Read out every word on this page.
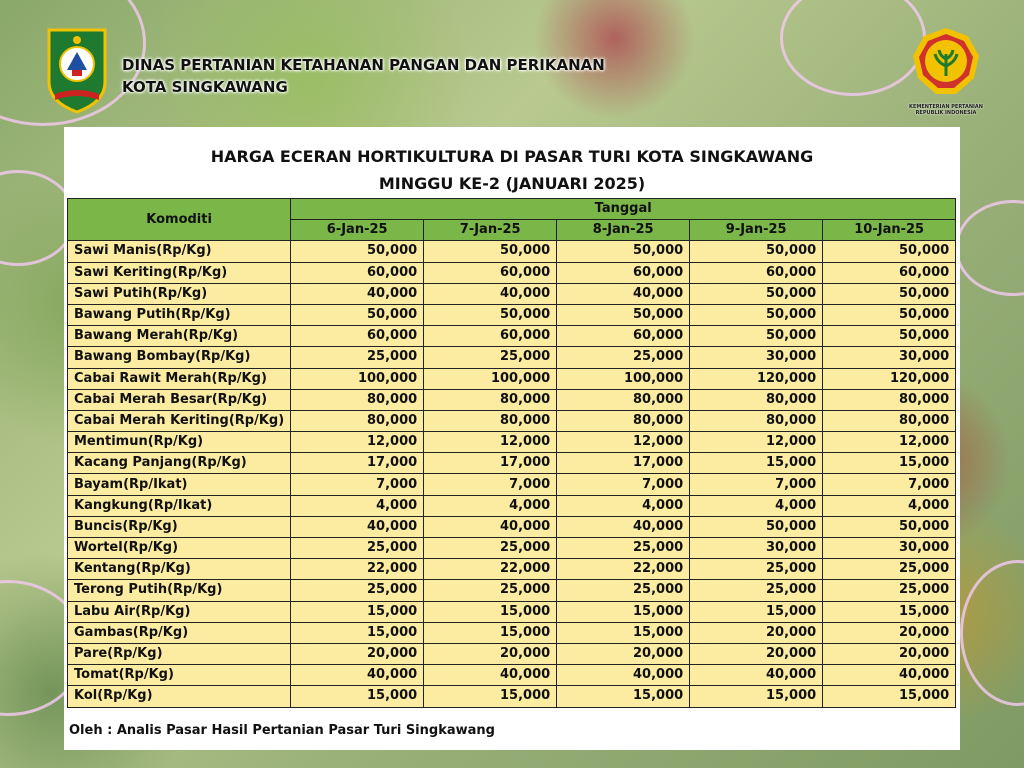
DINAS PERTANIAN KETAHANAN PANGAN DAN PERIKANAN
KOTA SINGKAWANG
KEMENTERIAN PERTANIAN
REPUBLIK INDONESIA
HARGA ECERAN HORTIKULTURA DI PASAR TURI KOTA SINGKAWANG
MINGGU KE-2 (JANUARI 2025)
Komoditi	Tanggal				
	6-Jan-25	7-Jan-25	8-Jan-25	9-Jan-25	10-Jan-25
Sawi Manis(Rp/Kg)	50,000	50,000	50,000	50,000	50,000
Sawi Keriting(Rp/Kg)	60,000	60,000	60,000	60,000	60,000
Sawi Putih(Rp/Kg)	40,000	40,000	40,000	50,000	50,000
Bawang Putih(Rp/Kg)	50,000	50,000	50,000	50,000	50,000
Bawang Merah(Rp/Kg)	60,000	60,000	60,000	50,000	50,000
Bawang Bombay(Rp/Kg)	25,000	25,000	25,000	30,000	30,000
Cabai Rawit Merah(Rp/Kg)	100,000	100,000	100,000	120,000	120,000
Cabai Merah Besar(Rp/Kg)	80,000	80,000	80,000	80,000	80,000
Cabai Merah Keriting(Rp/Kg)	80,000	80,000	80,000	80,000	80,000
Mentimun(Rp/Kg)	12,000	12,000	12,000	12,000	12,000
Kacang Panjang(Rp/Kg)	17,000	17,000	17,000	15,000	15,000
Bayam(Rp/Ikat)	7,000	7,000	7,000	7,000	7,000
Kangkung(Rp/Ikat)	4,000	4,000	4,000	4,000	4,000
Buncis(Rp/Kg)	40,000	40,000	40,000	50,000	50,000
Wortel(Rp/Kg)	25,000	25,000	25,000	30,000	30,000
Kentang(Rp/Kg)	22,000	22,000	22,000	25,000	25,000
Terong Putih(Rp/Kg)	25,000	25,000	25,000	25,000	25,000
Labu Air(Rp/Kg)	15,000	15,000	15,000	15,000	15,000
Gambas(Rp/Kg)	15,000	15,000	15,000	20,000	20,000
Pare(Rp/Kg)	20,000	20,000	20,000	20,000	20,000
Tomat(Rp/Kg)	40,000	40,000	40,000	40,000	40,000
Kol(Rp/Kg)	15,000	15,000	15,000	15,000	15,000
Oleh : Analis Pasar Hasil Pertanian Pasar Turi Singkawang
